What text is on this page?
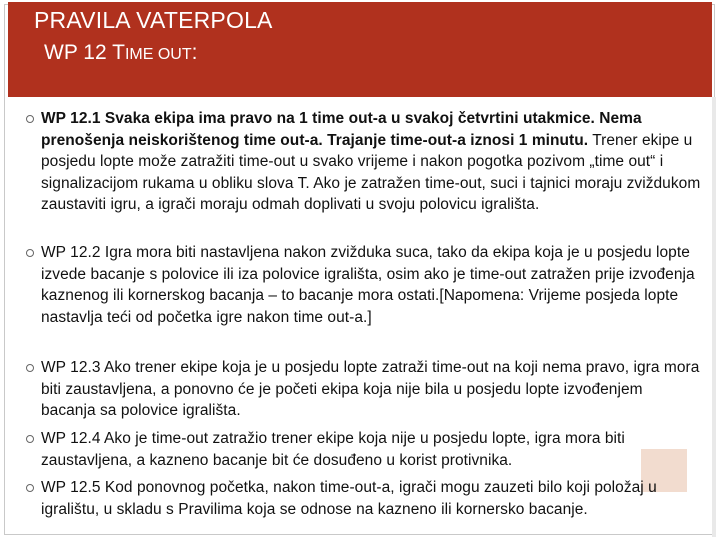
PRAVILA VATERPOLA
WP 12 TIME OUT:
WP 12.1 Svaka ekipa ima pravo na 1 time out-a u svakoj četvrtini utakmice. Nema prenošenja neiskorištenog time out-a. Trajanje time-out-a iznosi 1 minutu. Trener ekipe u posjedu lopte može zatražiti time-out u svako vrijeme i nakon pogotka pozivom „time out“ i signalizacijom rukama u obliku slova T. Ako je zatražen time-out, suci i tajnici moraju zviždukom zaustaviti igru, a igrači moraju odmah doplivati u svoju polovicu igrališta.
WP 12.2 Igra mora biti nastavljena nakon zvižduka suca, tako da ekipa koja je u posjedu lopte izvede bacanje s polovice ili iza polovice igrališta, osim ako je time-out zatražen prije izvođenja kaznenog ili kornerskog bacanja – to bacanje mora ostati.[Napomena: Vrijeme posjeda lopte nastavlja teći od početka igre nakon time out-a.]
WP 12.3 Ako trener ekipe koja je u posjedu lopte zatraži time-out na koji nema pravo, igra mora biti zaustavljena, a ponovno će je početi ekipa koja nije bila u posjedu lopte izvođenjem bacanja sa polovice igrališta.
WP 12.4 Ako je time-out zatražio trener ekipe koja nije u posjedu lopte, igra mora biti zaustavljena, a kazneno bacanje bit će dosuđeno u korist protivnika.
WP 12.5 Kod ponovnog početka, nakon time-out-a, igrači mogu zauzeti bilo koji položaj u igralištu, u skladu s Pravilima koja se odnose na kazneno ili kornersko bacanje.
